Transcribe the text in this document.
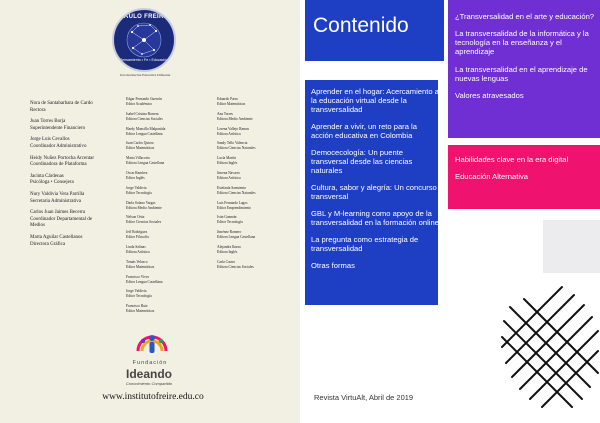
PAULO FREIRE
Pensamiento • Fe • Educación
Una Institución Educativa Diferente
Nora de Santabarbara de Cardo
Rectora
Juan Torres Borja
Superintendente Financiero
Jorge Luis Cevallos
Coordinador Administrativo
Heidy Nuñez Portocha Arcentar
Coordinadora de Plataforma
Jacinta Cárdenas
Psicóloga • Consejera
Nury Valdivia Vera Parrilla
Secretaria Administrativa
Carlos Juan Jaimes Becerra
Coordinador Departamental de Medios
Marta Aguilar Castellanos
Directora Gráfica
Edgar Fernando Guerrón
Editor Académico
Isabel Cristina Barrera
Editora Ciencias Sociales
Hardy Mancilla Malpartida
Editor Lengua Castellana
Juan Carlos Quiroz
Editor Matemáticas
Marta Villacorta
Editora Lengua Castellana
Oscar Ramírez
Editor Inglés
Jorge Valdivia
Editor Tecnología
Darla Solano Vargas
Editora Medio Ambiente
Nelson Ortiz
Editor Ciencias Sociales
Jeff Rodríguez
Editor Filosofía
Linda Salinas
Editora Artística
Tomás Velasco
Editor Matemáticas
Francisco Vives
Editor Lengua Castellana
Jorge Valdivia
Editor Tecnología
Francisco Ruiz
Editor Matemáticas
Eduardo Parra
Editor Matemáticas
Ana Torres
Editora Medio Ambiente
Lorena Vallejo Ramos
Editora Artística
Sandy Tello Valencia
Editora Ciencias Naturales
Lucía Martín
Editora Inglés
Jimena Navarro
Editora Artística
Estefanía Sarmiento
Editora Ciencias Naturales
Luis Fernando Lagos
Editor Emprendimiento
Iván Guzmán
Editor Tecnología
Jiménez Romero
Editora Lengua Castellana
Alejandra Ibarra
Editora Inglés
Carla Castro
Editora Ciencias Sociales
Fundación
Ideando
Conocimiento Compartido
www.institutofreire.edu.co
Contenido
Aprender en el hogar: Acercamiento a la educación virtual desde la transversalidad
Aprender a vivir, un reto para la acción educativa en Colombia
Democecología: Un puente transversal desde las ciencias naturales
Cultura, sabor y alegría: Un concurso transversal
GBL y M-learning como apoyo de la transversalidad en la formación online
La pregunta como estrategia de transversalidad
Otras formas
¿Transversalidad en el arte y educación?
La transversalidad de la informática y la tecnología en la enseñanza y el aprendizaje
La transversalidad en el aprendizaje de nuevas lenguas
Valores atravesados
Habilidades clave en la era digital
Educación Alternativa
Revista VirtuAlt, Abril de 2019
